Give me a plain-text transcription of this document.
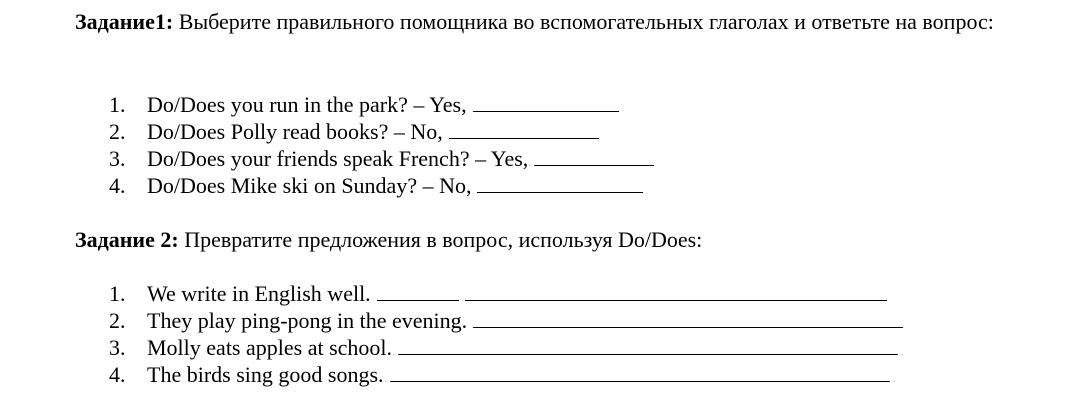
Задание1: Выберите правильного помощника во вспомогательных глаголах и ответьте на вопрос:

1. Do/Does you run in the park? – Yes,
2. Do/Does Polly read books? – No,
3. Do/Does your friends speak French? – Yes,
4. Do/Does Mike ski on Sunday? – No,

Задание 2: Превратите предложения в вопрос, используя Do/Does:

1. We write in English well.
2. They play ping-pong in the evening.
3. Molly eats apples at school.
4. The birds sing good songs.
